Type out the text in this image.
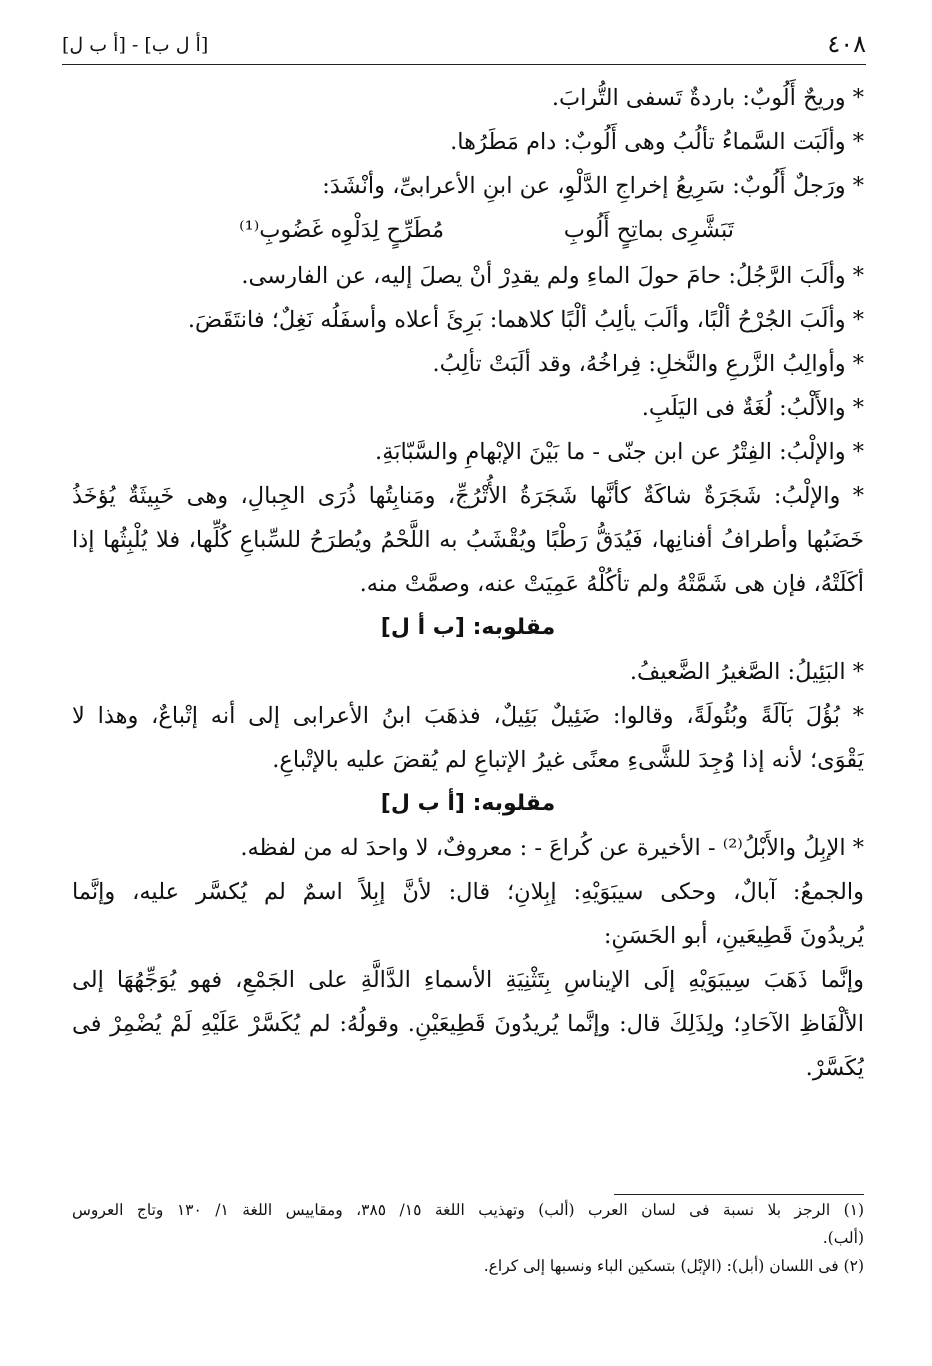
٤٠٨
[أ ل ب] - [أ ب ل]
* وريحٌ أَلُوبٌ: باردةٌ تَسفى التُّرابَ.
* وألَبَت السَّماءُ تألُبُ وهى أَلُوبٌ: دام مَطَرُها.
* ورَجلٌ أَلُوبٌ: سَرِيعُ إخراجِ الدَّلْوِ، عن ابنِ الأعرابىِّ، وأنْشَدَ:
تَبَشَّرِى بماتِحٍ أَلُوبِ
مُطَرِّحٍ لِدَلْوِه غَضُوبِ⁽¹⁾
* وألَبَ الرَّجُلُ: حامَ حولَ الماءِ ولم يقدِرْ أنْ يصلَ إليه، عن الفارسى.
* وألَبَ الجُرْحُ ألْبًا، وألَبَ يألِبُ ألْبًا كلاهما: بَرِئَ أعلاه وأسفَلُه نَغِلٌ؛ فانتَقَضَ.
* وأوالِبُ الزَّرعِ والنَّخلِ: فِراخُهُ، وقد ألَبَتْ تألِبُ.
* والأَلْبُ: لُغَةٌ فى اليَلَبِ.
* والإلْبُ: الفِتْرُ عن ابن جنّى - ما بَيْنَ الإبْهامِ والسَّبّابَةِ.
* والإلْبُ: شَجَرَةٌ شاكَةٌ كأنَّها شَجَرَةُ الأُتْرُجِّ، ومَنابِتُها ذُرَى الجِبالِ، وهى خَبِيثَةٌ يُؤخَذُ
خَضَبُها وأطرافُ أفنانِها، فَيُدَقُّ رَطْبًا ويُقْشَبُ به اللَّحْمُ ويُطرَحُ للسِّباعِ كُلِّها، فلا يُلْبِثُها إذا
أكَلَتْهُ، فإن هى شَمَّتْهُ ولم تأكُلْهُ عَمِيَتْ عنه، وصمَّتْ منه.
مقلوبه: [ب أ ل]
* البَئِيلُ: الصَّغيرُ الضَّعيفُ.
* بُؤُلَ بَآلَةً وبُئُولَةً، وقالوا: ضَئِيلٌ بَئِيلٌ، فذهَبَ ابنُ الأعرابى إلى أنه إتْباعٌ، وهذا لا
يَقْوَى؛ لأنه إذا وُجِدَ للشَّىءِ معنًى غيرُ الإتباعِ لم يُقضَ عليه بالإتْباعِ.
مقلوبه: [أ ب ل]
* الإبِلُ والأَبْلُ⁽²⁾ - الأخيرة عن كُراعَ - : معروفٌ، لا واحدَ له من لفظه.
والجمعُ: آبالٌ، وحكى سيبَوَيْهِ: إبِلانِ؛ قال: لأنَّ إبِلاً اسمٌ لم يُكسَّر عليه، وإنَّما
يُريدُونَ قَطِيعَينِ، أبو الحَسَنِ:
وإنَّما ذَهَبَ سِيبَوَيْهِ إلَى الإيناسِ بِتَثْنِيَةِ الأسماءِ الدَّالَّةِ على الجَمْعِ، فهو يُوَجِّهُهَا إلى
الألْفَاظِ الآحَادِ؛ ولِذَلِكَ قال: وإنَّما يُريدُونَ قَطِيعَيْنِ. وقولُهُ: لم يُكَسَّرْ عَلَيْهِ لَمْ يُضْمِرْ فى
يُكَسَّرْ.
(١) الرجز بلا نسبة فى لسان العرب (ألب) وتهذيب اللغة ١٥/ ٣٨٥، ومقاييس اللغة ١/ ١٣٠ وتاج العروس
(ألب).
(٢) فى اللسان (أبل): (الإبْل) بتسكين الباء ونسبها إلى كراع.
